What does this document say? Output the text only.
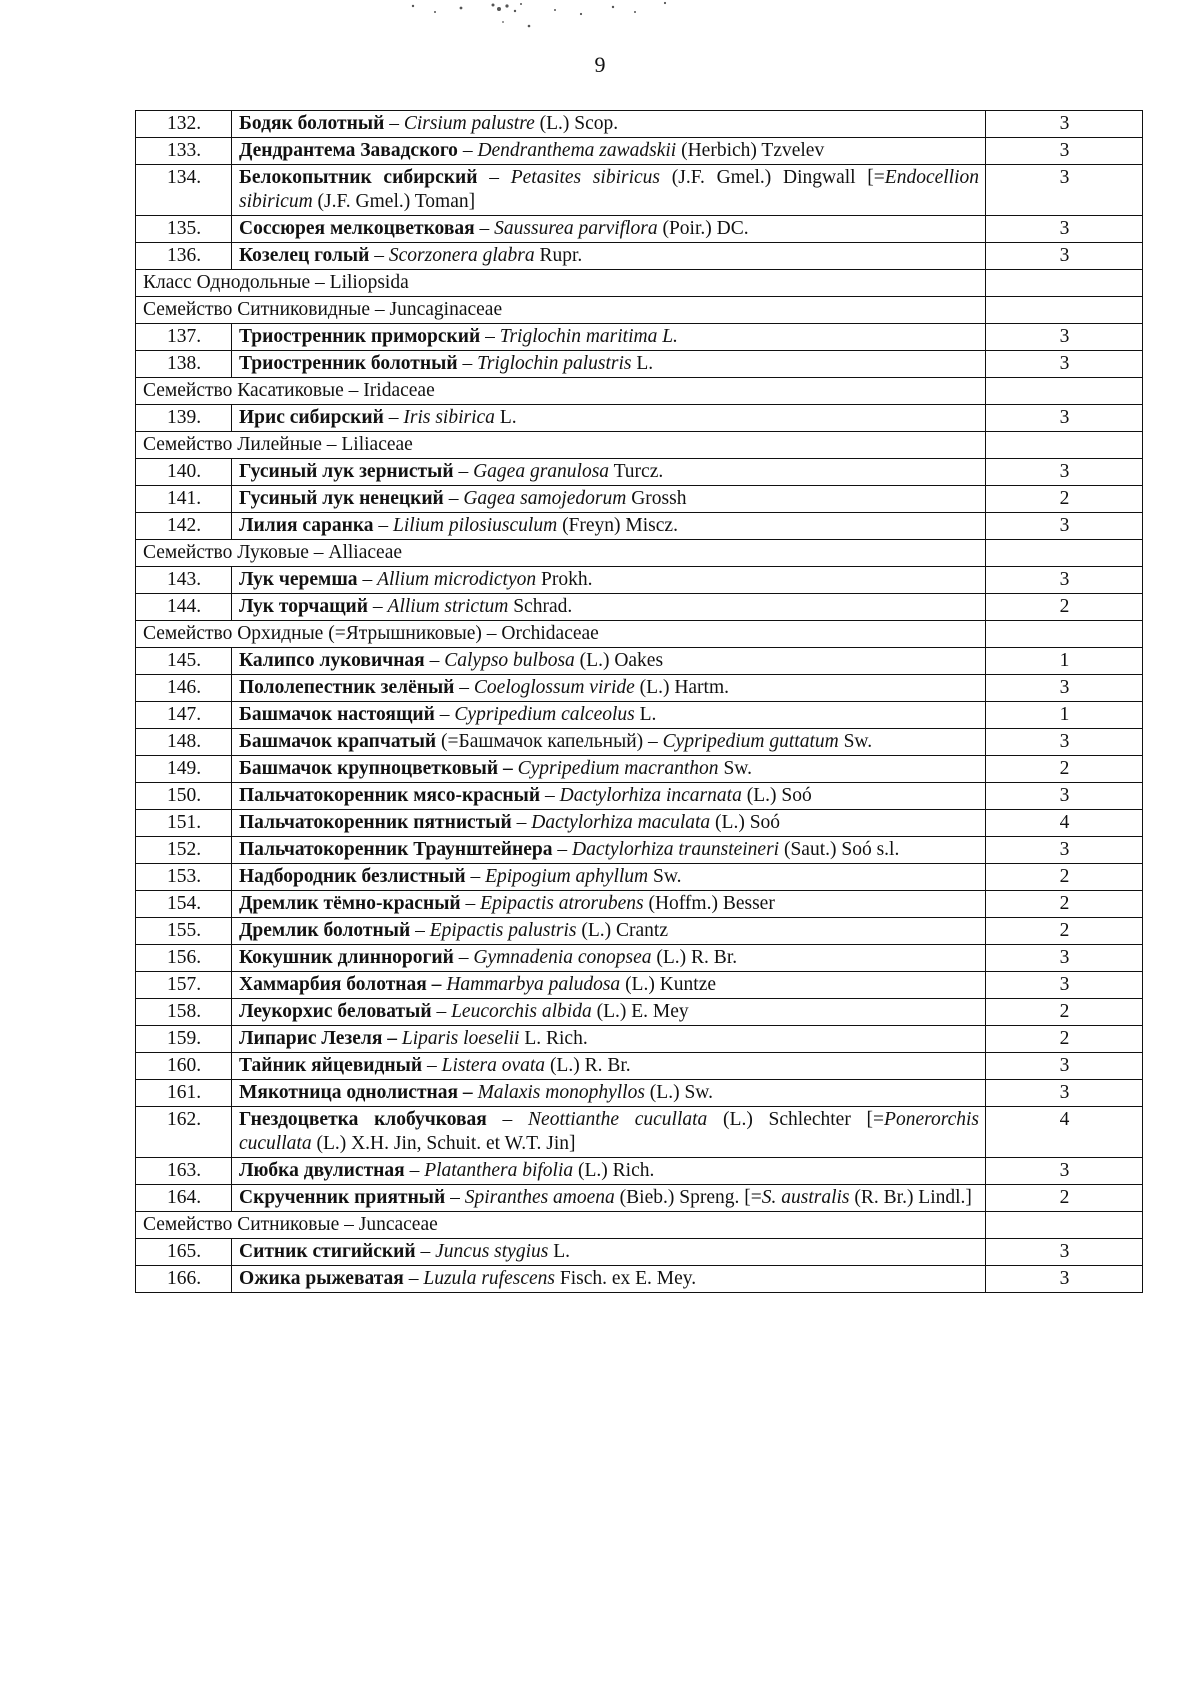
9
132.	Бодяк болотный – Cirsium palustre (L.) Scop.	3
133.	Дендрантема Завадского – Dendranthema zawadskii (Herbich) Tzvelev	3
134.	Белокопытник сибирский – Petasites sibiricus (J.F. Gmel.) Dingwall [=Endocellion sibiricum (J.F. Gmel.) Toman]	3
135.	Соссюрея мелкоцветковая – Saussurea parviflora (Poir.) DC.	3
136.	Козелец голый – Scorzonera glabra Rupr.	3
Класс Однодольные – Liliopsida		
Семейство Ситниковидные – Juncaginaceae		
137.	Триостренник приморский – Triglochin maritima L.	3
138.	Триостренник болотный – Triglochin palustris L.	3
Семейство Касатиковые – Iridaceae		
139.	Ирис сибирский – Iris sibirica L.	3
Семейство Лилейные – Liliaceae		
140.	Гусиный лук зернистый – Gagea granulosa Turcz.	3
141.	Гусиный лук ненецкий – Gagea samojedorum Grossh	2
142.	Лилия саранка – Lilium pilosiusculum (Freyn) Miscz.	3
Семейство Луковые – Alliaceae		
143.	Лук черемша – Allium microdictyon Prokh.	3
144.	Лук торчащий – Allium strictum Schrad.	2
Семейство Орхидные (=Ятрышниковые) – Orchidaceae		
145.	Калипсо луковичная – Calypso bulbosa (L.) Oakes	1
146.	Пололепестник зелёный – Coeloglossum viride (L.) Hartm.	3
147.	Башмачок настоящий – Cypripedium calceolus L.	1
148.	Башмачок крапчатый (=Башмачок капельный) – Cypripedium guttatum Sw.	3
149.	Башмачок крупноцветковый – Cypripedium macranthon Sw.	2
150.	Пальчатокоренник мясо-красный – Dactylorhiza incarnata (L.) Soó	3
151.	Пальчатокоренник пятнистый – Dactylorhiza maculata (L.) Soó	4
152.	Пальчатокоренник Траунштейнера – Dactylorhiza traunsteineri (Saut.) Soó s.l.	3
153.	Надбородник безлистный – Epipogium aphyllum Sw.	2
154.	Дремлик тёмно-красный – Epipactis atrorubens (Hoffm.) Besser	2
155.	Дремлик болотный – Epipactis palustris (L.) Crantz	2
156.	Кокушник длиннорогий – Gymnadenia conopsea (L.) R. Br.	3
157.	Хаммарбия болотная – Hammarbya paludosa (L.) Kuntze	3
158.	Леукорхис беловатый – Leucorchis albida (L.) E. Mey	2
159.	Липарис Лезеля – Liparis loeselii L. Rich.	2
160.	Тайник яйцевидный – Listera ovata (L.) R. Br.	3
161.	Мякотница однолистная – Malaxis monophyllos (L.) Sw.	3
162.	Гнездоцветка клобучковая – Neottianthe cucullata (L.) Schlechter [=Ponerorchis cucullata (L.) X.H. Jin, Schuit. et W.T. Jin]	4
163.	Любка двулистная – Platanthera bifolia (L.) Rich.	3
164.	Скрученник приятный – Spiranthes amoena (Bieb.) Spreng. [=S. australis (R. Br.) Lindl.]	2
Семейство Ситниковые – Juncaceae		
165.	Ситник стигийский – Juncus stygius L.	3
166.	Ожика рыжеватая – Luzula rufescens Fisch. ex E. Mey.	3
